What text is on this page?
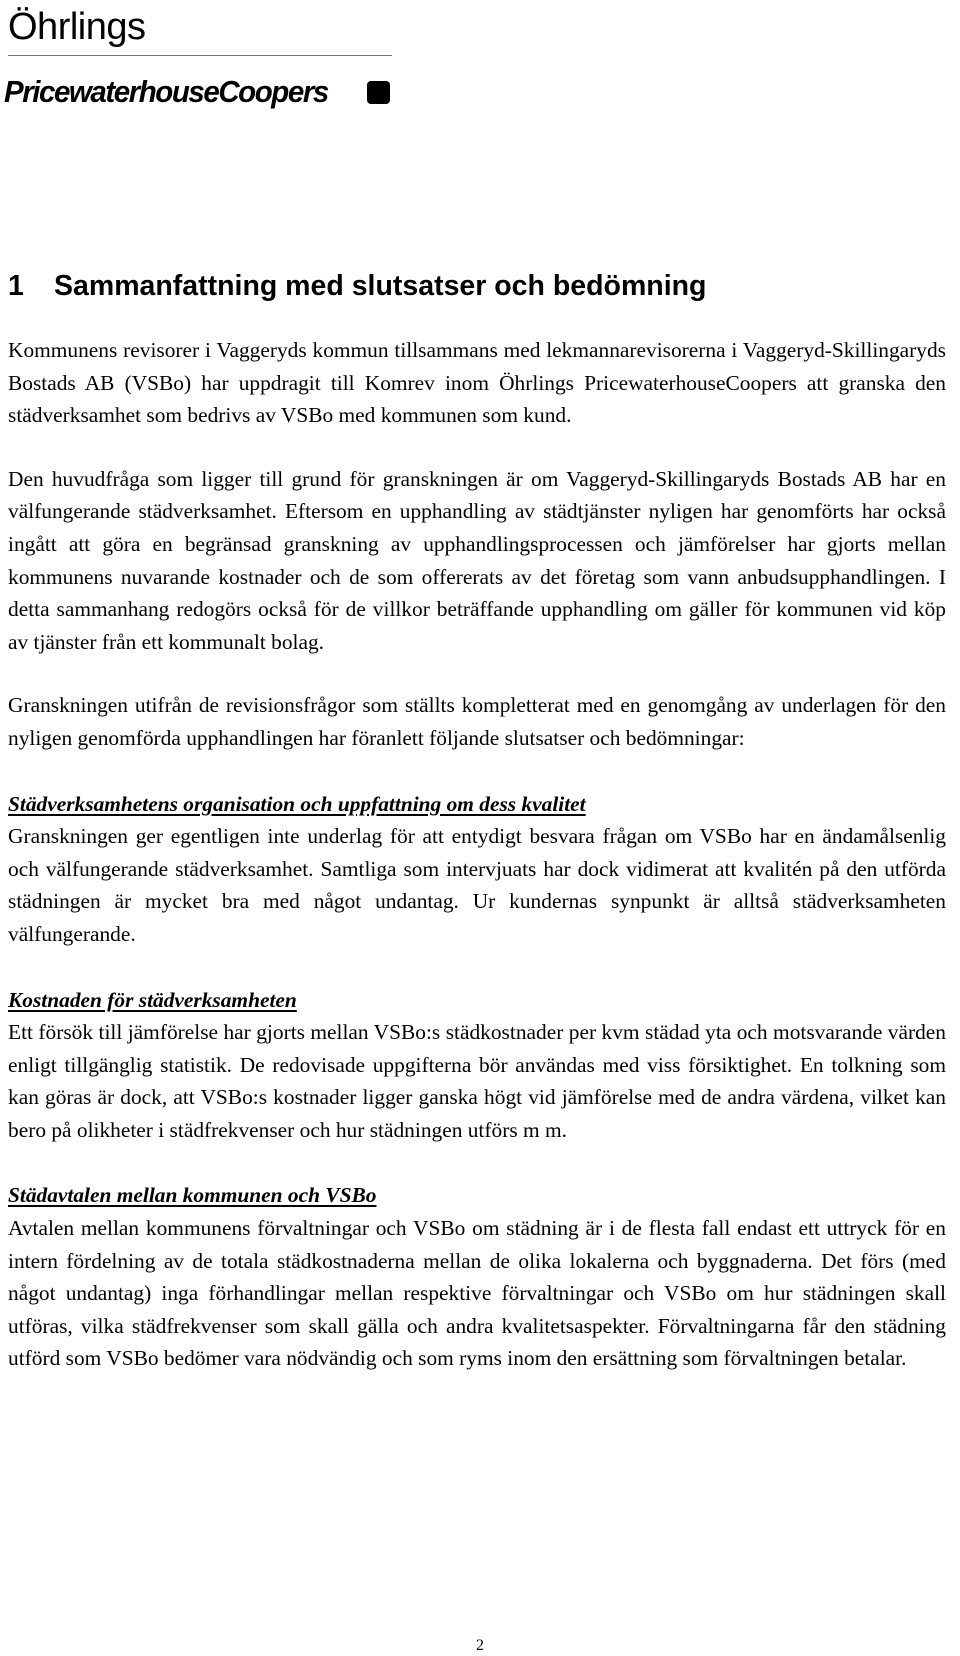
Öhrlings
PricewaterhouseCoopers
1 Sammanfattning med slutsatser och bedömning

Kommunens revisorer i Vaggeryds kommun tillsammans med lekmannarevisorerna i Vaggeryd-Skillingaryds Bostads AB (VSBo) har uppdragit till Komrev inom Öhrlings PricewaterhouseCoopers att granska den städverksamhet som bedrivs av VSBo med kommunen som kund.

Den huvudfråga som ligger till grund för granskningen är om Vaggeryd-Skillingaryds Bostads AB har en välfungerande städverksamhet. Eftersom en upphandling av städtjänster nyligen har genomförts har också ingått att göra en begränsad granskning av upphandlingsprocessen och jämförelser har gjorts mellan kommunens nuvarande kostnader och de som offererats av det företag som vann anbudsupphandlingen. I detta sammanhang redogörs också för de villkor beträffande upphandling om gäller för kommunen vid köp av tjänster från ett kommunalt bolag.

Granskningen utifrån de revisionsfrågor som ställts kompletterat med en genomgång av underlagen för den nyligen genomförda upphandlingen har föranlett följande slutsatser och bedömningar:

Städverksamhetens organisation och uppfattning om dess kvalitet

Granskningen ger egentligen inte underlag för att entydigt besvara frågan om VSBo har en ändamålsenlig och välfungerande städverksamhet. Samtliga som intervjuats har dock vidimerat att kvalitén på den utförda städningen är mycket bra med något undantag. Ur kundernas synpunkt är alltså städverksamheten välfungerande.

Kostnaden för städverksamheten

Ett försök till jämförelse har gjorts mellan VSBo:s städkostnader per kvm städad yta och motsvarande värden enligt tillgänglig statistik. De redovisade uppgifterna bör användas med viss försiktighet. En tolkning som kan göras är dock, att VSBo:s kostnader ligger ganska högt vid jämförelse med de andra värdena, vilket kan bero på olikheter i städfrekvenser och hur städningen utförs m m.

Städavtalen mellan kommunen och VSBo

Avtalen mellan kommunens förvaltningar och VSBo om städning är i de flesta fall endast ett uttryck för en intern fördelning av de totala städkostnaderna mellan de olika lokalerna och byggnaderna. Det förs (med något undantag) inga förhandlingar mellan respektive förvaltningar och VSBo om hur städningen skall utföras, vilka städfrekvenser som skall gälla och andra kvalitetsaspekter. Förvaltningarna får den städning utförd som VSBo bedömer vara nödvändig och som ryms inom den ersättning som förvaltningen betalar.

2
